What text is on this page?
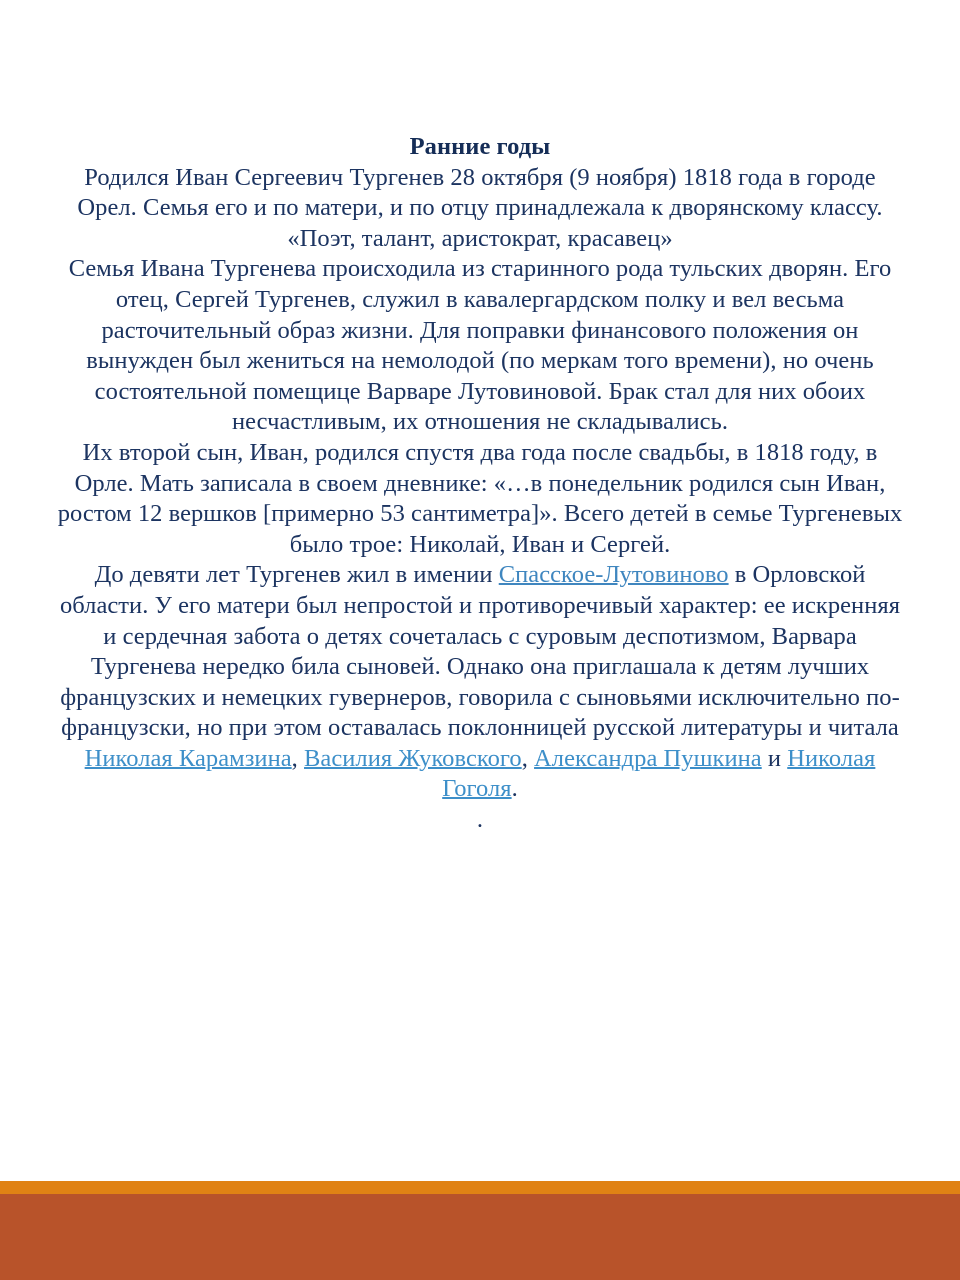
Ранние годы
Родился Иван Сергеевич Тургенев 28 октября (9 ноября) 1818 года в городе Орел. Семья его и по матери, и по отцу принадлежала к дворянскому классу.
«Поэт, талант, аристократ, красавец»
Семья Ивана Тургенева происходила из старинного рода тульских дворян. Его отец, Сергей Тургенев, служил в кавалергардском полку и вел весьма расточительный образ жизни. Для поправки финансового положения он вынужден был жениться на немолодой (по меркам того времени), но очень состоятельной помещице Варваре Лутовиновой. Брак стал для них обоих несчастливым, их отношения не складывались.
Их второй сын, Иван, родился спустя два года после свадьбы, в 1818 году, в Орле. Мать записала в своем дневнике: «…в понедельник родился сын Иван, ростом 12 вершков [примерно 53 сантиметра]». Всего детей в семье Тургеневых было трое: Николай, Иван и Сергей.
До девяти лет Тургенев жил в имении Спасское-Лутовиново в Орловской области. У его матери был непростой и противоречивый характер: ее искренняя и сердечная забота о детях сочеталась с суровым деспотизмом, Варвара Тургенева нередко била сыновей. Однако она приглашала к детям лучших французских и немецких гувернеров, говорила с сыновьями исключительно по-французски, но при этом оставалась поклонницей русской литературы и читала Николая Карамзина, Василия Жуковского, Александра Пушкина и Николая Гоголя.
.
